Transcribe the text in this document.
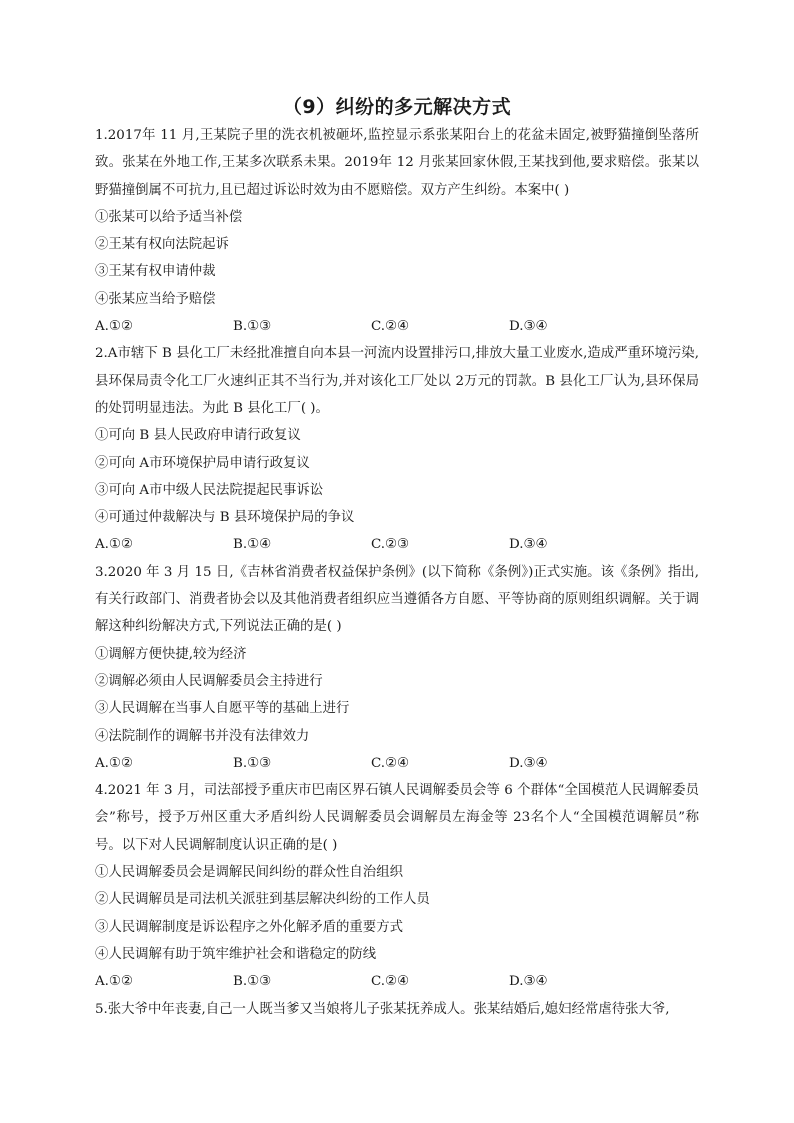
（9）纠纷的多元解决方式

1.2017年 11 月,王某院子里的洗衣机被砸坏,监控显示系张某阳台上的花盆未固定,被野猫撞倒坠落所致。张某在外地工作,王某多次联系未果。2019年 12 月张某回家休假,王某找到他,要求赔偿。张某以野猫撞倒属不可抗力,且已超过诉讼时效为由不愿赔偿。双方产生纠纷。本案中( )

①张某可以给予适当补偿

②王某有权向法院起诉

③王某有权申请仲裁

④张某应当给予赔偿

A.①②	B.①③	C.②④	D.③④

2.A市辖下 B 县化工厂未经批准擅自向本县一河流内设置排污口,排放大量工业废水,造成严重环境污染,县环保局责令化工厂火速纠正其不当行为,并对该化工厂处以 2万元的罚款。B 县化工厂认为,县环保局的处罚明显违法。为此 B 县化工厂( )。

①可向 B 县人民政府申请行政复议

②可向 A市环境保护局申请行政复议

③可向 A市中级人民法院提起民事诉讼

④可通过仲裁解决与 B 县环境保护局的争议

A.①②	B.①④	C.②③	D.③④

3.2020 年 3 月 15 日,《吉林省消费者权益保护条例》(以下简称《条例》)正式实施。该《条例》指出,有关行政部门、消费者协会以及其他消费者组织应当遵循各方自愿、平等协商的原则组织调解。关于调解这种纠纷解决方式,下列说法正确的是( )

①调解方便快捷,较为经济

②调解必须由人民调解委员会主持进行

③人民调解在当事人自愿平等的基础上进行

④法院制作的调解书并没有法律效力

A.①②	B.①③	C.②④	D.③④

4.2021 年 3 月，司法部授予重庆市巴南区界石镇人民调解委员会等 6 个群体“全国模范人民调解委员会”称号，授予万州区重大矛盾纠纷人民调解委员会调解员左海金等 23名个人“全国模范调解员”称号。以下对人民调解制度认识正确的是( )

①人民调解委员会是调解民间纠纷的群众性自治组织

②人民调解员是司法机关派驻到基层解决纠纷的工作人员

③人民调解制度是诉讼程序之外化解矛盾的重要方式

④人民调解有助于筑牢维护社会和谐稳定的防线

A.①②	B.①③	C.②④	D.③④

5.张大爷中年丧妻,自己一人既当爹又当娘将儿子张某抚养成人。张某结婚后,媳妇经常虐待张大爷,
